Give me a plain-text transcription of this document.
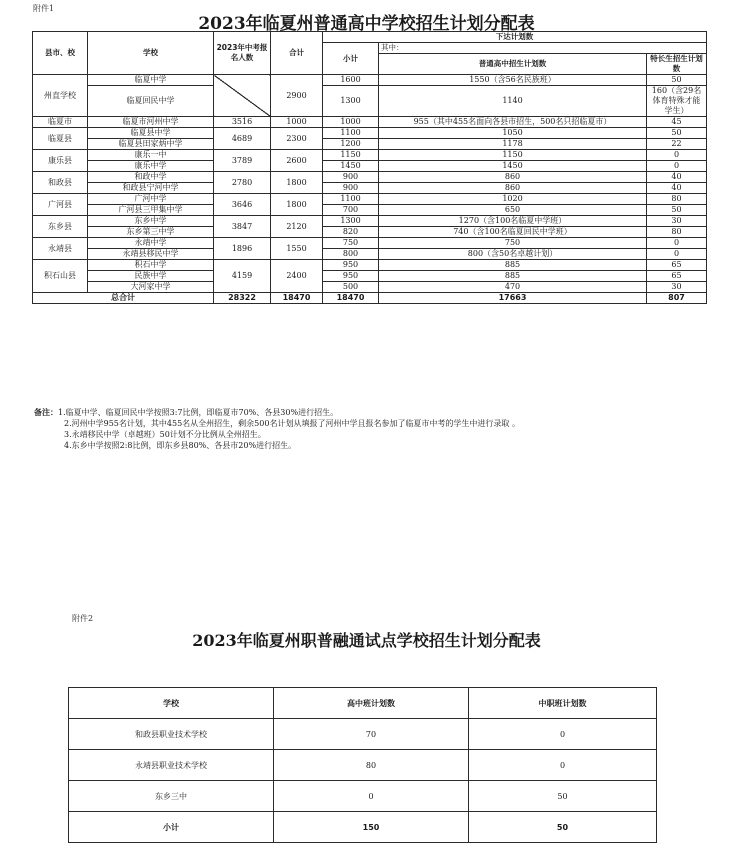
附件1
2023年临夏州普通高中学校招生计划分配表
县市、校	学校	2023年中考报名人数	合计	下达计划数		
				小计	其中：	
					普通高中招生计划数	特长生招生计划数
州直学校	临夏中学		2900	1600	1550（含56名民族班）	50
	临夏回民中学			1300	1140	160（含29名体育特殊才能学生）
临夏市	临夏市河州中学	3516	1000	1000	955（其中455名面向各县市招生，500名只招临夏市）	45
临夏县	临夏县中学	4689	2300	1100	1050	50
	临夏县田家炳中学			1200	1178	22
康乐县	康乐一中	3789	2600	1150	1150	0
	康乐中学			1450	1450	0
和政县	和政中学	2780	1800	900	860	40
	和政县宁河中学			900	860	40
广河县	广河中学	3646	1800	1100	1020	80
	广河县三甲集中学			700	650	50
东乡县	东乡中学	3847	2120	1300	1270（含100名临夏中学班）	30
	东乡第三中学			820	740（含100名临夏回民中学班）	80
永靖县	永靖中学	1896	1550	750	750	0
	永靖县移民中学			800	800（含50名卓越计划）	0
积石山县	积石中学	4159	2400	950	885	65
	民族中学			950	885	65
	大河家中学			500	470	30
总合计		28322	18470	18470	17663	807
备注：1.临夏中学、临夏回民中学按照3:7比例，即临夏市70%、各县30%进行招生。
2.河州中学955名计划，其中455名从全州招生，剩余500名计划从填报了河州中学且报名参加了临夏市中考的学生中进行录取 。
3.永靖移民中学（卓越班）50计划不分比例从全州招生。
4.东乡中学按照2:8比例，即东乡县80%、各县市20%进行招生。
附件2
2023年临夏州职普融通试点学校招生计划分配表
学校	高中班计划数	中职班计划数
和政县职业技术学校	70	0
永靖县职业技术学校	80	0
东乡三中	0	50
小计	150	50
